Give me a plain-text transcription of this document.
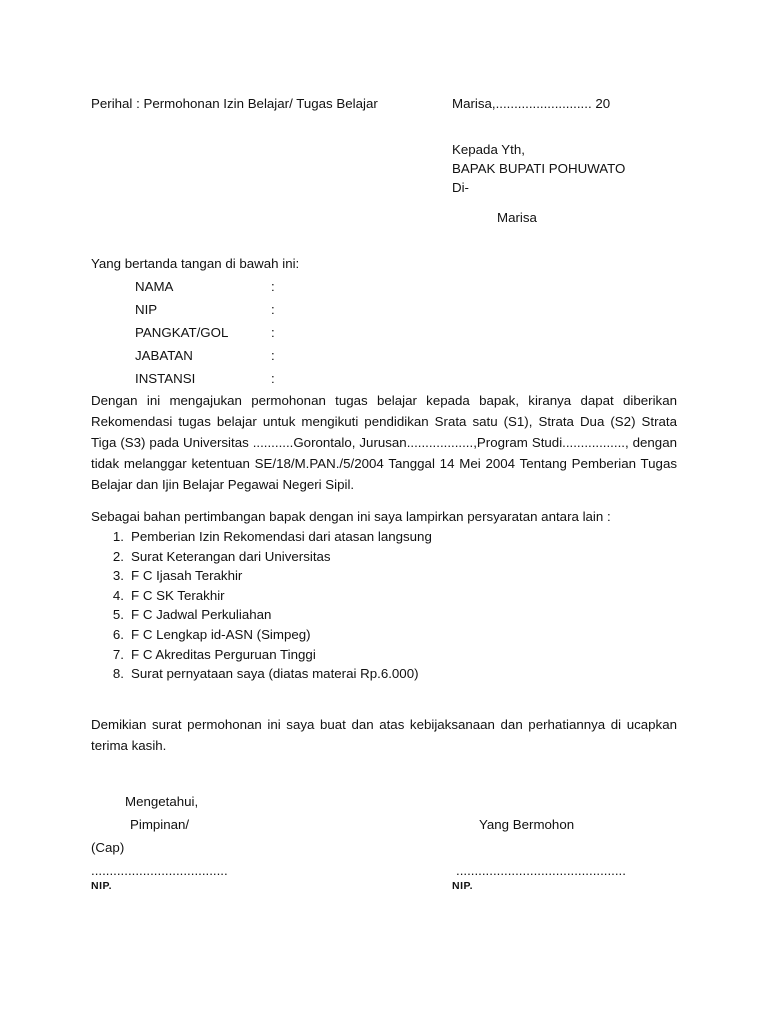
Perihal : Permohonan Izin Belajar/ Tugas Belajar	Marisa,.......................... 20
Kepada Yth,
BAPAK BUPATI POHUWATO
Di-
Marisa
Yang bertanda tangan di bawah ini:
NAMA	:
NIP	:
PANGKAT/GOL	:
JABATAN	:
INSTANSI	:

Dengan ini mengajukan permohonan tugas belajar kepada bapak, kiranya dapat diberikan Rekomendasi tugas belajar untuk mengikuti pendidikan Srata satu (S1), Strata Dua (S2) Strata Tiga (S3) pada Universitas ...........Gorontalo, Jurusan..................,Program Studi................., dengan tidak melanggar ketentuan SE/18/M.PAN./5/2004 Tanggal 14 Mei 2004 Tentang Pemberian Tugas Belajar dan Ijin Belajar Pegawai Negeri Sipil.

Sebagai bahan pertimbangan bapak dengan ini saya lampirkan persyaratan antara lain :
1. Pemberian Izin Rekomendasi dari atasan langsung
2. Surat Keterangan dari Universitas
3. F C Ijasah Terakhir
4. F C SK Terakhir
5. F C Jadwal Perkuliahan
6. F C Lengkap id-ASN (Simpeg)
7. F C Akreditas Perguruan Tinggi
8. Surat pernyataan saya (diatas materai Rp.6.000)

Demikian surat permohonan ini saya buat dan atas kebijaksanaan dan perhatiannya di ucapkan terima kasih.

Mengetahui,
Pimpinan/	Yang Bermohon
(Cap)
.....................................	..............................................
NIP.	NIP.
